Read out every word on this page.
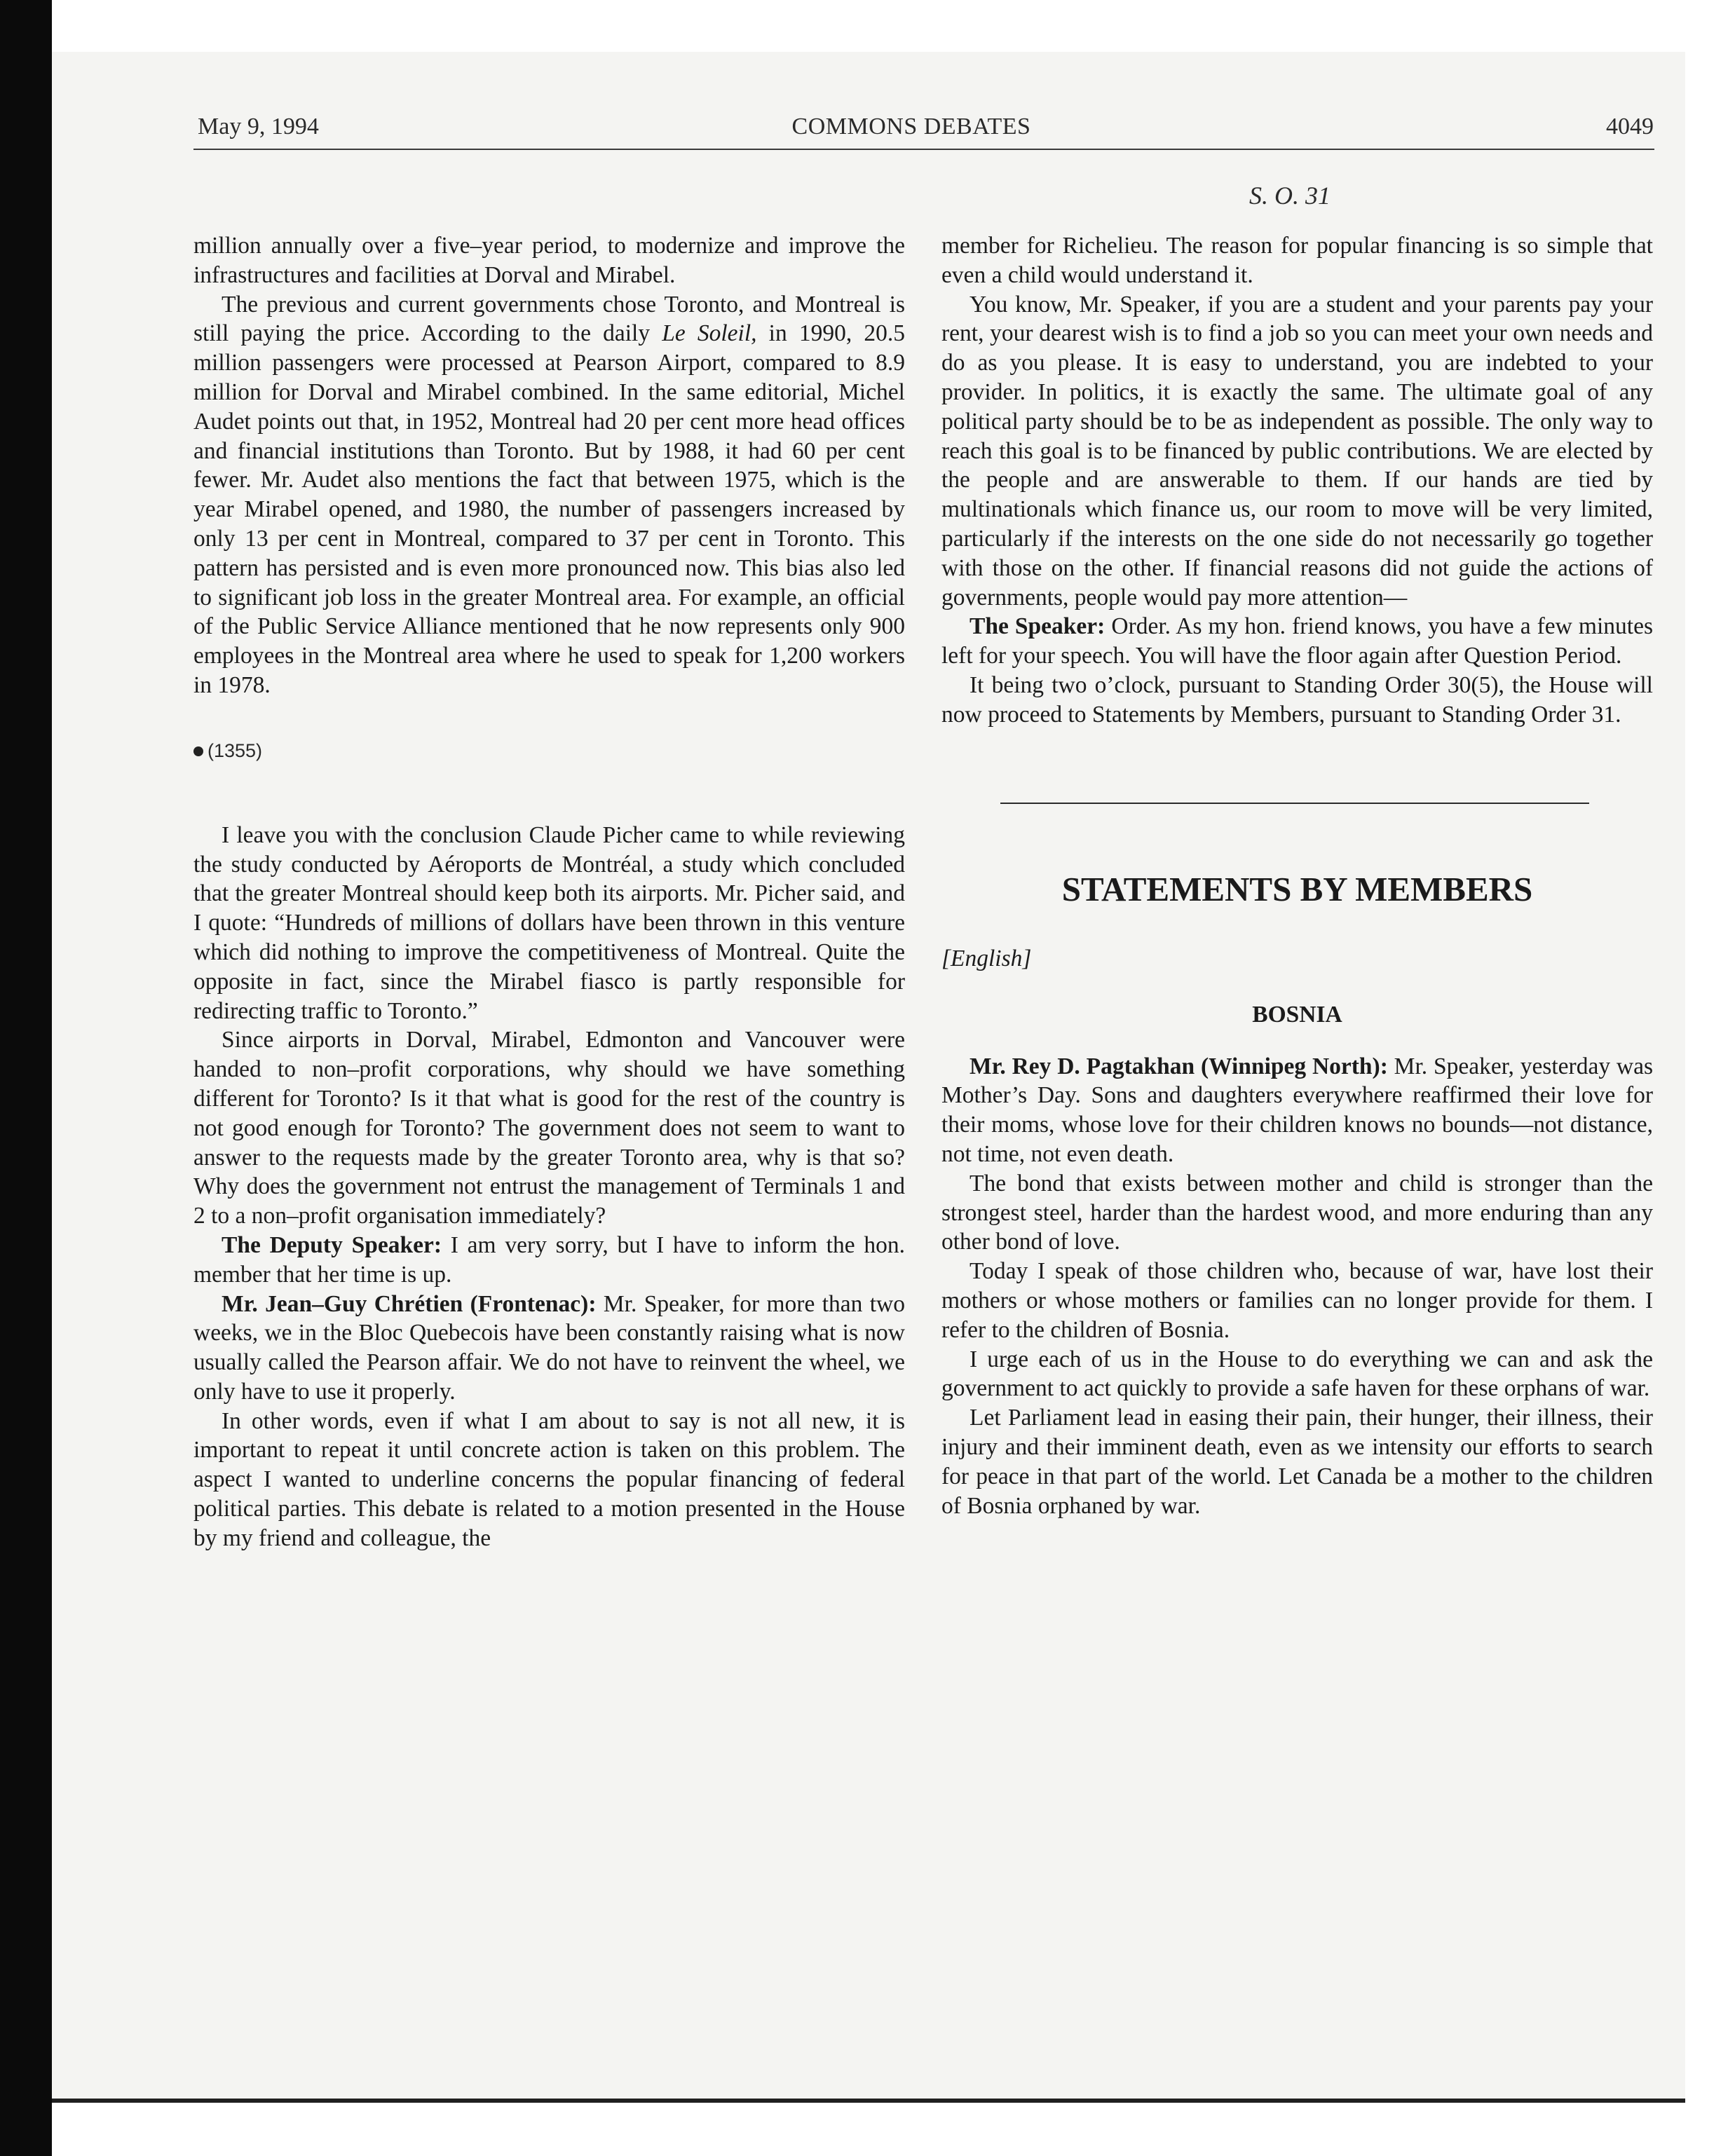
May 9, 1994	COMMONS DEBATES	4049
S. O. 31

million annually over a five–year period, to modernize and improve the infrastructures and facilities at Dorval and Mirabel.

The previous and current governments chose Toronto, and Montreal is still paying the price. According to the daily Le Soleil, in 1990, 20.5 million passengers were processed at Pearson Airport, compared to 8.9 million for Dorval and Mirabel combined. In the same editorial, Michel Audet points out that, in 1952, Montreal had 20 per cent more head offices and financial institutions than Toronto. But by 1988, it had 60 per cent fewer. Mr. Audet also mentions the fact that between 1975, which is the year Mirabel opened, and 1980, the number of passengers increased by only 13 per cent in Montreal, compared to 37 per cent in Toronto. This pattern has persisted and is even more pronounced now. This bias also led to significant job loss in the greater Montreal area. For example, an official of the Public Service Alliance mentioned that he now represents only 900 employees in the Montreal area where he used to speak for 1,200 workers in 1978.

(1355)

I leave you with the conclusion Claude Picher came to while reviewing the study conducted by Aéroports de Montréal, a study which concluded that the greater Montreal should keep both its airports. Mr. Picher said, and I quote: “Hundreds of millions of dollars have been thrown in this venture which did nothing to improve the competitiveness of Montreal. Quite the opposite in fact, since the Mirabel fiasco is partly responsible for redirecting traffic to Toronto.”

Since airports in Dorval, Mirabel, Edmonton and Vancouver were handed to non–profit corporations, why should we have something different for Toronto? Is it that what is good for the rest of the country is not good enough for Toronto? The government does not seem to want to answer to the requests made by the greater Toronto area, why is that so? Why does the government not entrust the management of Terminals 1 and 2 to a non–profit organisation immediately?

The Deputy Speaker: I am very sorry, but I have to inform the hon. member that her time is up.

Mr. Jean–Guy Chrétien (Frontenac): Mr. Speaker, for more than two weeks, we in the Bloc Quebecois have been constantly raising what is now usually called the Pearson affair. We do not have to reinvent the wheel, we only have to use it properly.

In other words, even if what I am about to say is not all new, it is important to repeat it until concrete action is taken on this problem. The aspect I wanted to underline concerns the popular financing of federal political parties. This debate is related to a motion presented in the House by my friend and colleague, the

member for Richelieu. The reason for popular financing is so simple that even a child would understand it.

You know, Mr. Speaker, if you are a student and your parents pay your rent, your dearest wish is to find a job so you can meet your own needs and do as you please. It is easy to understand, you are indebted to your provider. In politics, it is exactly the same. The ultimate goal of any political party should be to be as independent as possible. The only way to reach this goal is to be financed by public contributions. We are elected by the people and are answerable to them. If our hands are tied by multinationals which finance us, our room to move will be very limited, particularly if the interests on the one side do not necessarily go together with those on the other. If financial reasons did not guide the actions of governments, people would pay more attention—

The Speaker: Order. As my hon. friend knows, you have a few minutes left for your speech. You will have the floor again after Question Period.

It being two o’clock, pursuant to Standing Order 30(5), the House will now proceed to Statements by Members, pursuant to Standing Order 31.

STATEMENTS BY MEMBERS
[English]
BOSNIA

Mr. Rey D. Pagtakhan (Winnipeg North): Mr. Speaker, yesterday was Mother’s Day. Sons and daughters everywhere reaffirmed their love for their moms, whose love for their children knows no bounds—not distance, not time, not even death.

The bond that exists between mother and child is stronger than the strongest steel, harder than the hardest wood, and more enduring than any other bond of love.

Today I speak of those children who, because of war, have lost their mothers or whose mothers or families can no longer provide for them. I refer to the children of Bosnia.

I urge each of us in the House to do everything we can and ask the government to act quickly to provide a safe haven for these orphans of war.

Let Parliament lead in easing their pain, their hunger, their illness, their injury and their imminent death, even as we intensity our efforts to search for peace in that part of the world. Let Canada be a mother to the children of Bosnia orphaned by war.
